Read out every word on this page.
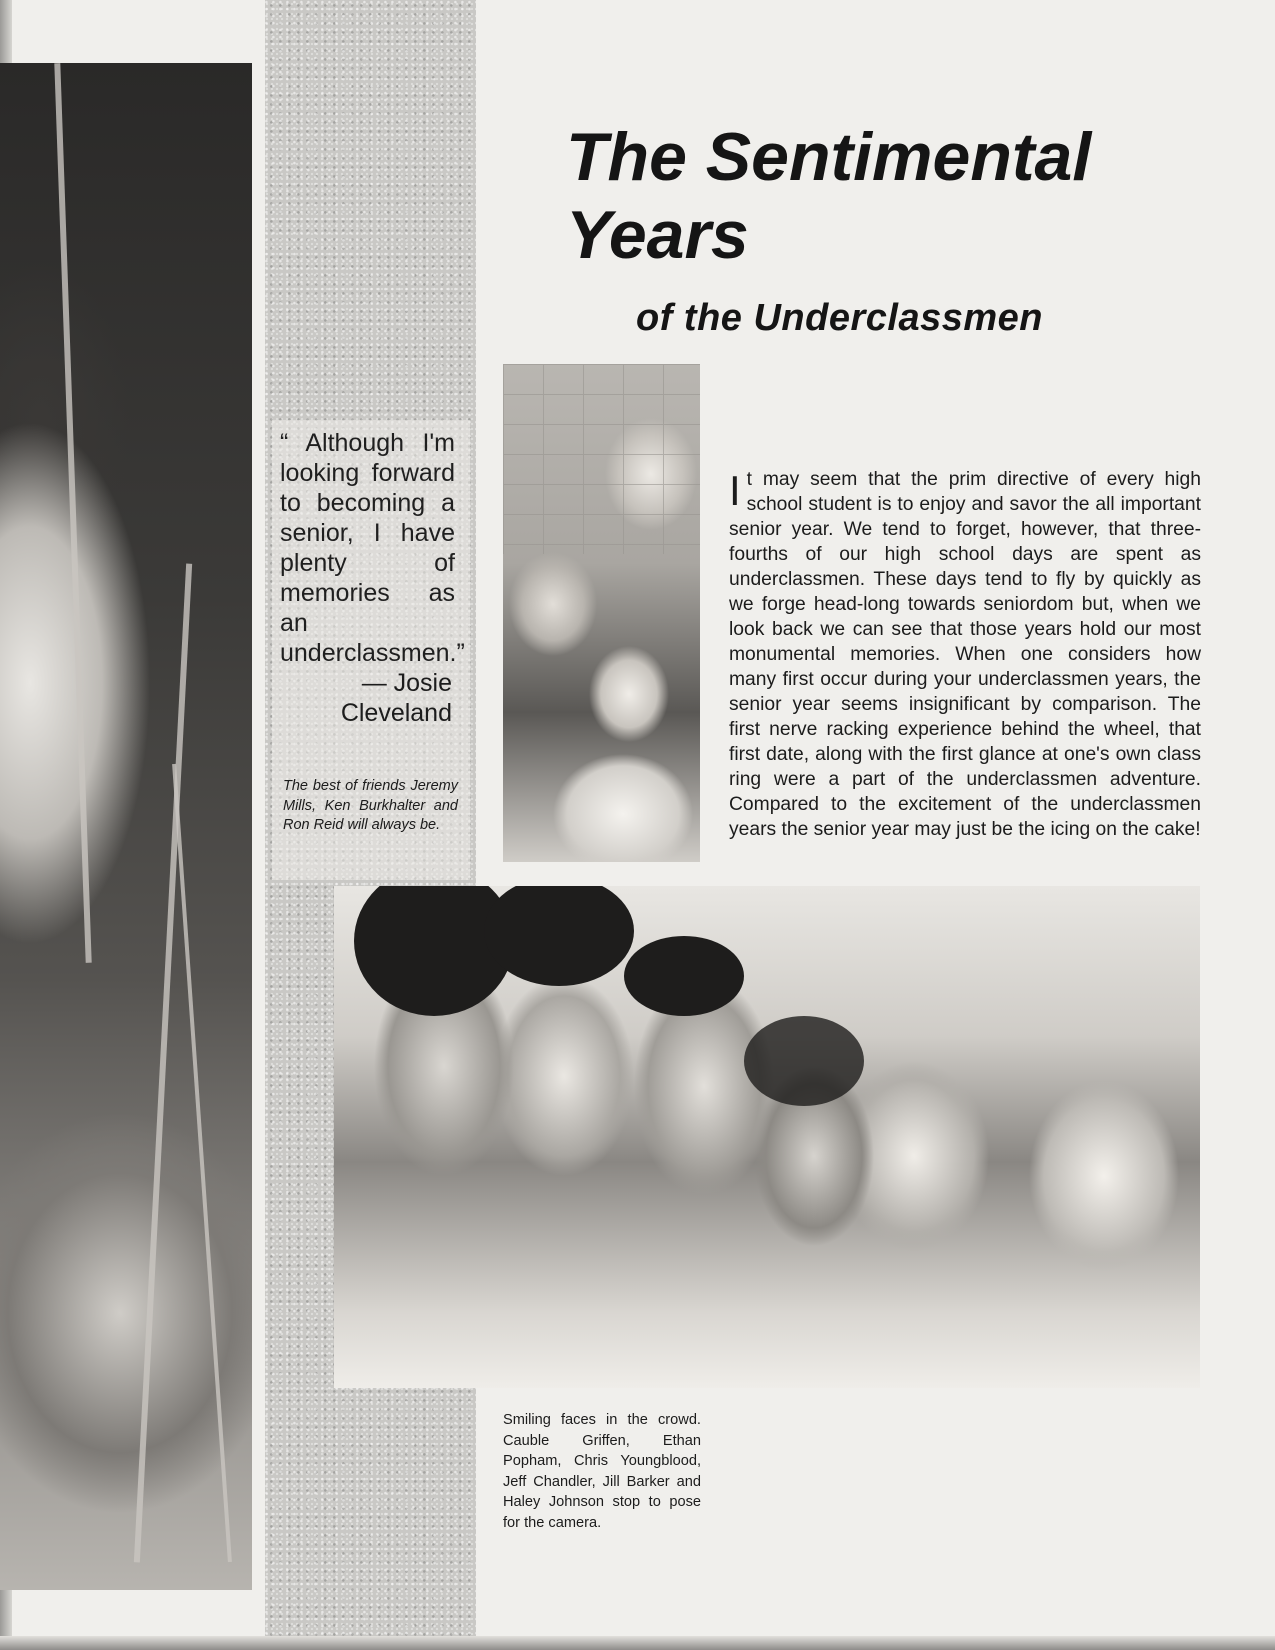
“ Although I'm looking forward to becoming a senior, I have plenty of memories as an underclassmen.”
— Josie Cleveland
The best of friends Jeremy Mills, Ken Burkhalter and Ron Reid will always be.
The Sentimental Years
of the Underclassmen

It may seem that the prim directive of every high school student is to enjoy and savor the all important senior year. We tend to forget, however, that three-fourths of our high school days are spent as underclassmen. These days tend to fly by quickly as we forge head-long towards seniordom but, when we look back we can see that those years hold our most monumental memories. When one considers how many first occur during your underclassmen years, the senior year seems insignificant by comparison. The first nerve racking experience behind the wheel, that first date, along with the first glance at one's own class ring were a part of the underclassmen adventure. Compared to the excitement of the underclassmen years the senior year may just be the icing on the cake!

Smiling faces in the crowd. Cauble Griffen, Ethan Popham, Chris Youngblood, Jeff Chandler, Jill Barker and Haley Johnson stop to pose for the camera.
